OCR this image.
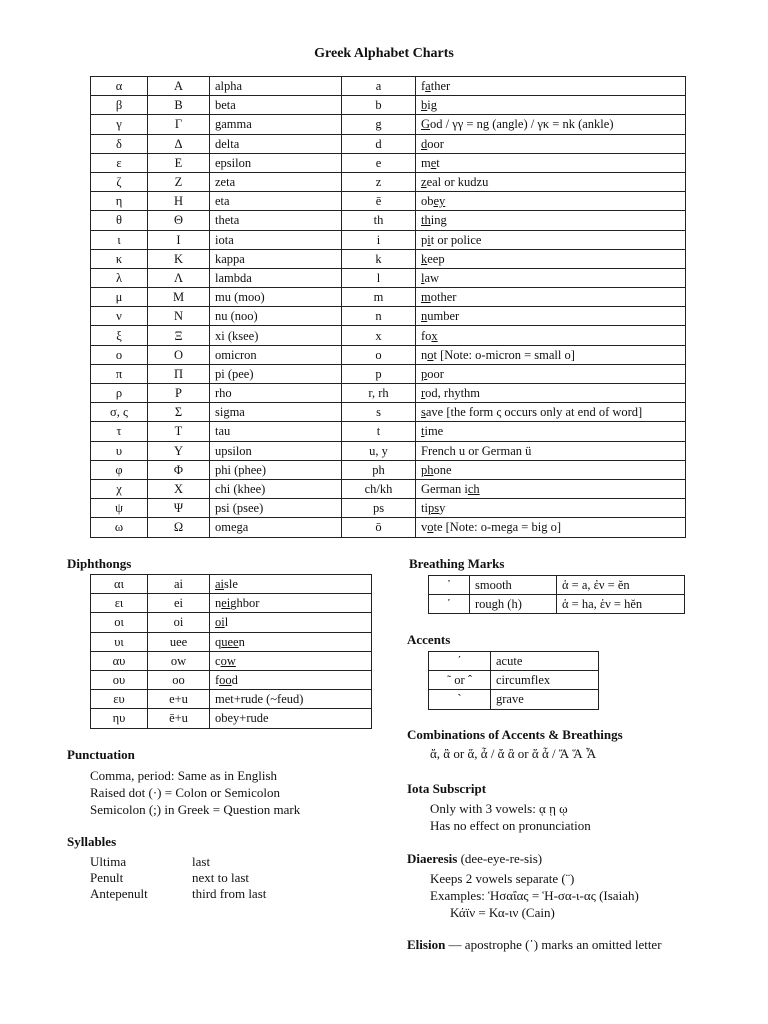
Greek Alphabet Charts
α	Α	alpha	a	father
β	Β	beta	b	big
γ	Γ	gamma	g	God / γγ = ng (angle) / γκ = nk (ankle)
δ	Δ	delta	d	door
ε	Ε	epsilon	e	met
ζ	Ζ	zeta	z	zeal or kudzu
η	Η	eta	ē	obey
θ	Θ	theta	th	thing
ι	Ι	iota	i	pit or police
κ	Κ	kappa	k	keep
λ	Λ	lambda	l	law
μ	Μ	mu (moo)	m	mother
ν	Ν	nu (noo)	n	number
ξ	Ξ	xi (ksee)	x	fox
ο	Ο	omicron	o	not [Note: o-micron = small o]
π	Π	pi (pee)	p	poor
ρ	Ρ	rho	r, rh	rod, rhythm
σ, ς	Σ	sigma	s	save [the form ς occurs only at end of word]
τ	Τ	tau	t	time
υ	Υ	upsilon	u, y	French u or German ü
φ	Φ	phi (phee)	ph	phone
χ	Χ	chi (khee)	ch/kh	German ich
ψ	Ψ	psi (psee)	ps	tipsy
ω	Ω	omega	ō	vote [Note: o-mega = big o]
Diphthongs
αι	ai	aisle
ει	ei	neighbor
οι	oi	oil
υι	uee	queen
αυ	ow	cow
ου	oo	food
ευ	e+u	met+rude (~feud)
ηυ	ē+u	obey+rude
Breathing Marks
᾿	smooth	ἁ = a, ἐν = ĕn
῾	rough (h)	ἁ = ha, ἑν = hĕn
Accents
΄	acute
῀ or ˆ	circumflex
`	grave
Combinations of Accents & Breathings
ἄ, ἂ or ἅ, ἆ / ἄ ἂ or ἅ ἇ / Ἄ Ἅ Ἆ
Punctuation
Comma, period: Same as in English
Raised dot (·) = Colon or Semicolon
Semicolon (;) in Greek = Question mark
Iota Subscript
Only with 3 vowels: ᾳ ῃ ῳ
Has no effect on pronunciation
Syllables
Ultima	last
Penult	next to last
Antepenult	third from last
Diaeresis (dee-eye-re-sis)
Keeps 2 vowels separate (¨)
Examples: Ἡσαΐας = Ἡ-σα-ι-ας (Isaiah)
Κάϊν = Κα-ιν (Cain)
Elision — apostrophe (᾽) marks an omitted letter
